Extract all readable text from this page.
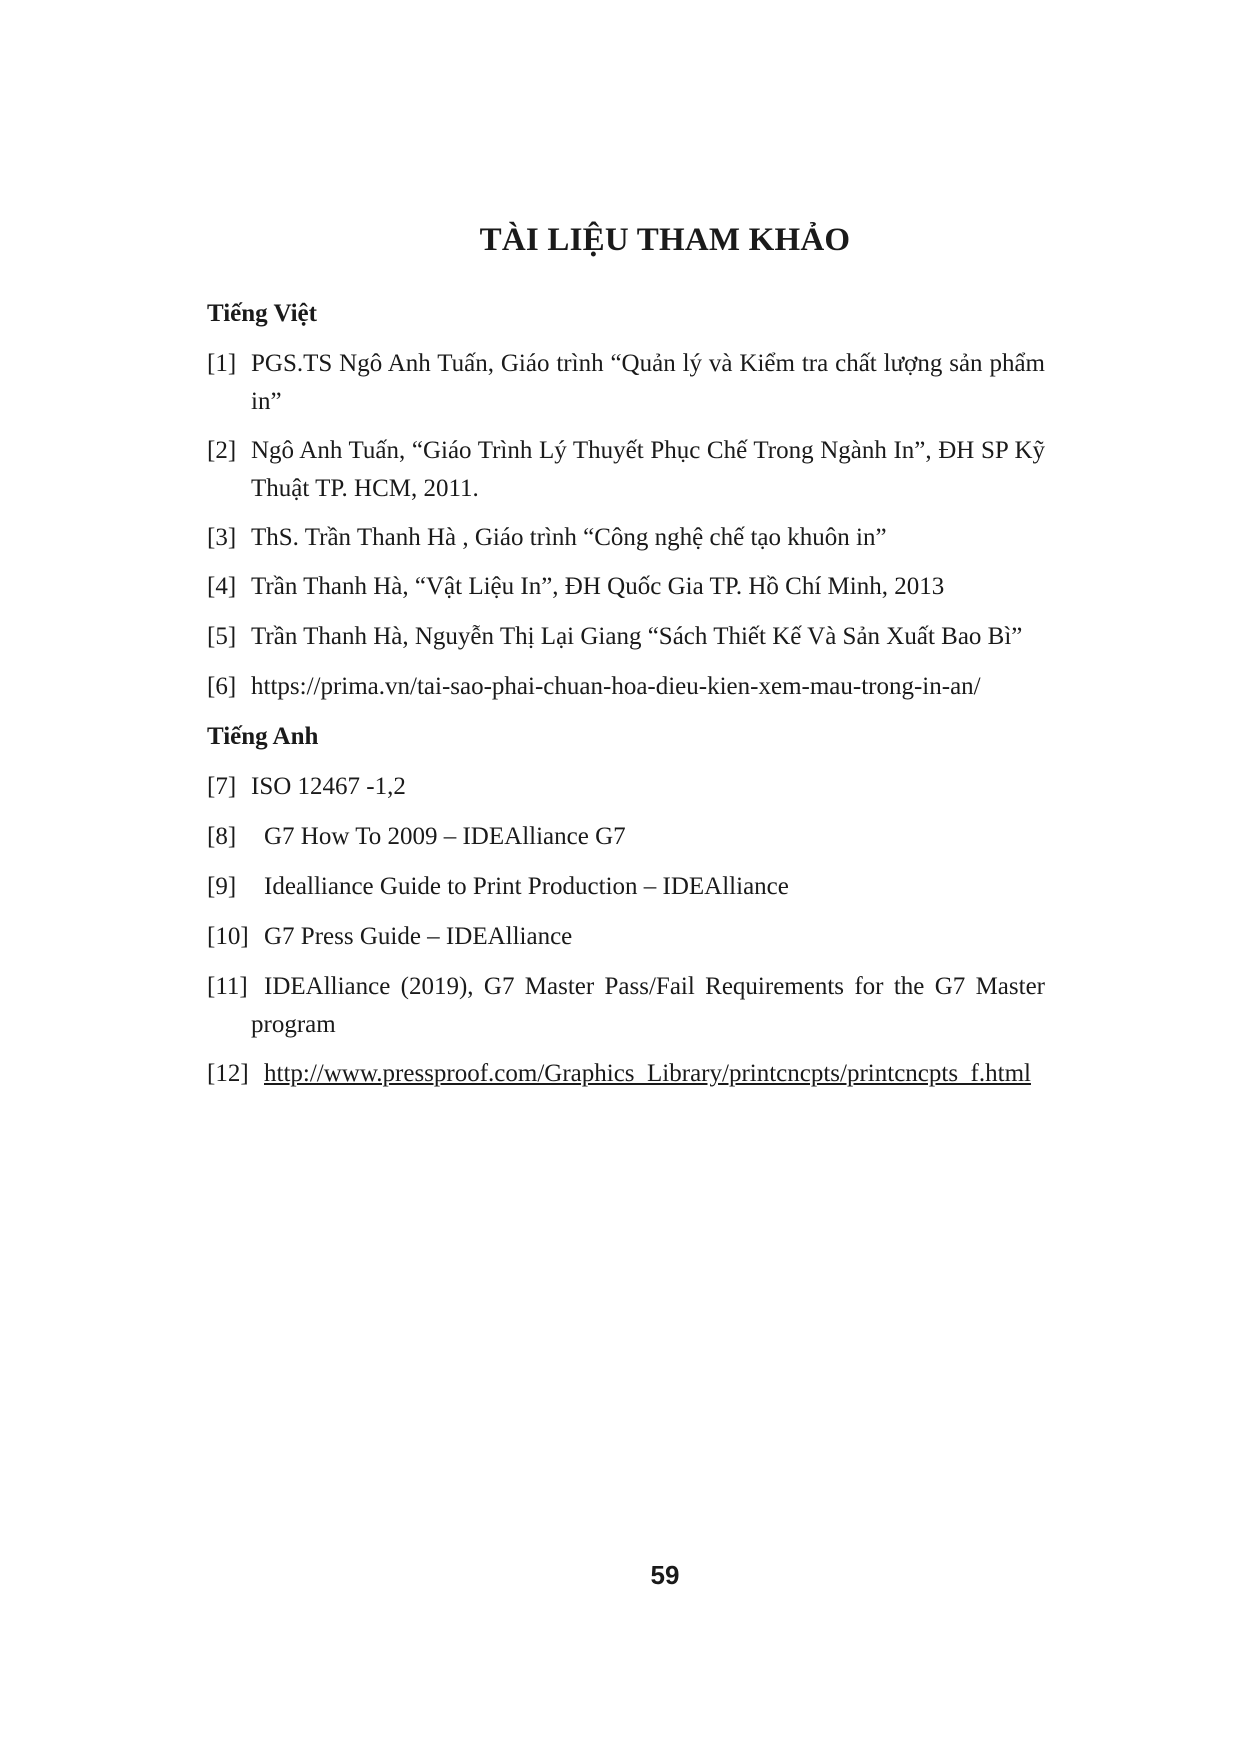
TÀI LIỆU THAM KHẢO
Tiếng Việt
[1] PGS.TS Ngô Anh Tuấn, Giáo trình “Quản lý và Kiểm tra chất lượng sản phẩm in”
[2] Ngô Anh Tuấn, “Giáo Trình Lý Thuyết Phục Chế Trong Ngành In”, ĐH SP Kỹ Thuật TP. HCM, 2011.
[3] ThS. Trần Thanh Hà , Giáo trình “Công nghệ chế tạo khuôn in”
[4] Trần Thanh Hà, “Vật Liệu In”, ĐH Quốc Gia TP. Hồ Chí Minh, 2013
[5] Trần Thanh Hà, Nguyễn Thị Lại Giang “Sách Thiết Kế Và Sản Xuất Bao Bì”
[6] https://prima.vn/tai-sao-phai-chuan-hoa-dieu-kien-xem-mau-trong-in-an/
Tiếng Anh
[7] ISO 12467 -1,2
[8]	G7 How To 2009 – IDEAlliance G7
[9]	Idealliance Guide to Print Production – IDEAlliance
[10] G7 Press Guide – IDEAlliance
[11] IDEAlliance (2019), G7 Master Pass/Fail Requirements for the G7 Master program
[12] http://www.pressproof.com/Graphics_Library/printcncpts/printcncpts_f.html
59
